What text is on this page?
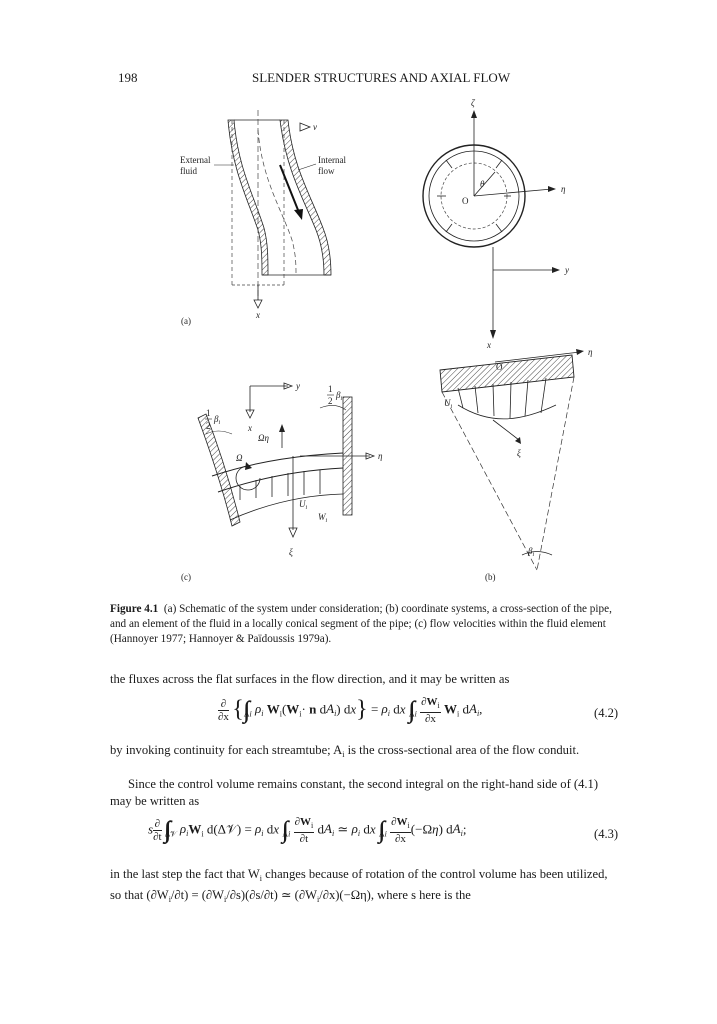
198	SLENDER STRUCTURES AND AXIAL FLOW
v
x
External
fluid
Internal
flow
(a)
ζ
η
θ
O
y
x
η
O
$U_i$
ξ
$\beta_i$
(b)
y
x
η
ξ
Ω
Ωη
$U_i$
$W_i$
1
2
$\beta_i$
1
2
$\beta_i$
(c)
Figure 4.1 (a) Schematic of the system under consideration; (b) coordinate systems, a cross-section of the pipe, and an element of the fluid in a locally conical segment of the pipe; (c) flow velocities within the fluid element (Hannoyer 1977; Hannoyer & Païdoussis 1979a).
the fluxes across the flat surfaces in the flow direction, and it may be written as
$\frac{\partial}{\partial x} \{_{Ai}$ $\rho_i$ $W_i(W_i\cdot n$ $dA_i$) $dx\} = \rho_i$ dx $_{Ai} \frac{\partial W_i}{\partial x} W_i$ $dA_i$,	(4.2)
by invoking continuity for each streamtube; $A_i$ is the cross-sectional area of the flow conduit.
Since the control volume remains constant, the second integral on the right-hand side of (4.1) may be written as
s $\frac{\partial}{\partial t} _{\Delta 𝒱}$ $\rho_iW_i$ d(Δ𝒱) = $\rho_i$ dx $_{Ai} \frac{\partial W_i}{\partial t} dA_i$ ≃ $\rho_i$ dx $_{Ai} \frac{\partial W_i}{\partial x} (-\Omega\eta)$ $dA_i$;	(4.3)
in the last step the fact that $W_i$ changes because of rotation of the control volume has been utilized, so that $(\partial W_i/\partial t) = (\partial W_i/\partial s)(\partial s/\partial t)$ ≃ $(\partial W_i/\partial x)(-\Omega\eta)$, where s here is the
